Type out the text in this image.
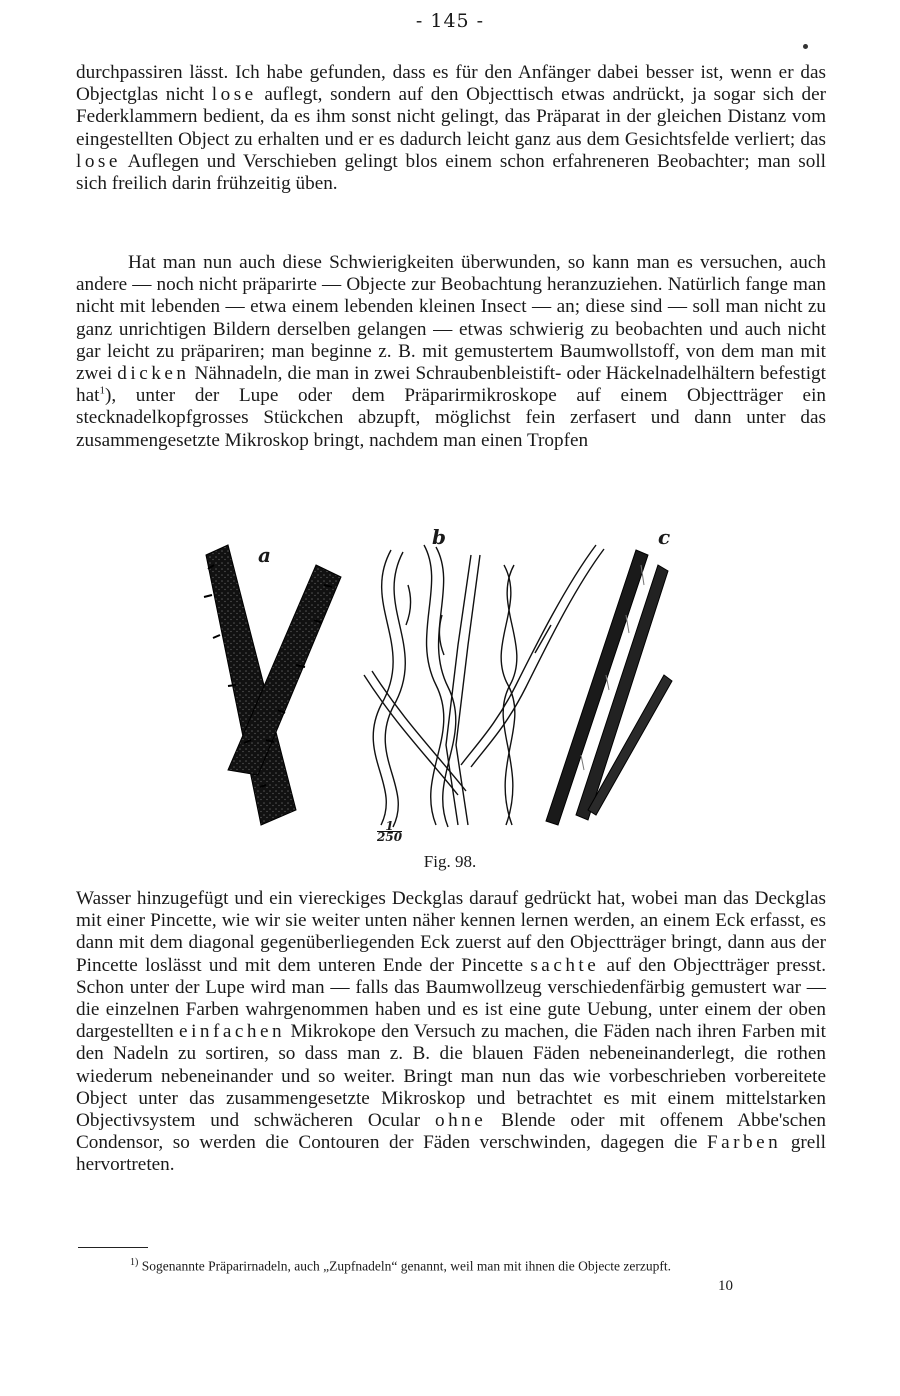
- 145 -

durchpassiren lässt. Ich habe gefunden, dass es für den Anfänger dabei besser ist, wenn er das Objectglas nicht lose auflegt, sondern auf den Objecttisch etwas andrückt, ja sogar sich der Federklammern bedient, da es ihm sonst nicht gelingt, das Präparat in der gleichen Distanz vom eingestellten Object zu erhalten und er es dadurch leicht ganz aus dem Gesichtsfelde verliert; das lose Auflegen und Verschieben gelingt blos einem schon erfahreneren Beobachter; man soll sich freilich darin frühzeitig üben.

Hat man nun auch diese Schwierigkeiten überwunden, so kann man es versuchen, auch andere — noch nicht präparirte — Objecte zur Beobachtung heranzuziehen. Natürlich fange man nicht mit lebenden — etwa einem lebenden kleinen Insect — an; diese sind — soll man nicht zu ganz unrichtigen Bildern derselben gelangen — etwas schwierig zu beobachten und auch nicht gar leicht zu präpariren; man beginne z. B. mit gemustertem Baumwollstoff, von dem man mit zwei dicken Nähnadeln, die man in zwei Schraubenbleistift- oder Häckelnadelhältern befestigt hat$^1$), unter der Lupe oder dem Präparirmikroskope auf einem Objectträger ein stecknadelkopfgrosses Stückchen abzupft, möglichst fein zerfasert und dann unter das zusammengesetzte Mikroskop bringt, nachdem man einen Tropfen

a
b	c
$\frac{1}{250}$
Fig. 98.

Wasser hinzugefügt und ein viereckiges Deckglas darauf gedrückt hat, wobei man das Deckglas mit einer Pincette, wie wir sie weiter unten näher kennen lernen werden, an einem Eck erfasst, es dann mit dem diagonal gegenüberliegenden Eck zuerst auf den Objectträger bringt, dann aus der Pincette loslässt und mit dem unteren Ende der Pincette sachte auf den Objectträger presst. Schon unter der Lupe wird man — falls das Baumwollzeug verschiedenfärbig gemustert war — die einzelnen Farben wahrgenommen haben und es ist eine gute Uebung, unter einem der oben dargestellten einfachen Mikrokope den Versuch zu machen, die Fäden nach ihren Farben mit den Nadeln zu sortiren, so dass man z. B. die blauen Fäden nebeneinanderlegt, die rothen wiederum nebeneinander und so weiter. Bringt man nun das wie vorbeschrieben vorbereitete Object unter das zusammengesetzte Mikroskop und betrachtet es mit einem mittelstarken Objectivsystem und schwächeren Ocular ohne Blende oder mit offenem Abbe'schen Condensor, so werden die Contouren der Fäden verschwinden, dagegen die Farben grell hervortreten.

$^{1)}$ Sogenannte Präparirnadeln, auch „Zupfnadeln“ genannt, weil man mit ihnen die Objecte zerzupft.
10
